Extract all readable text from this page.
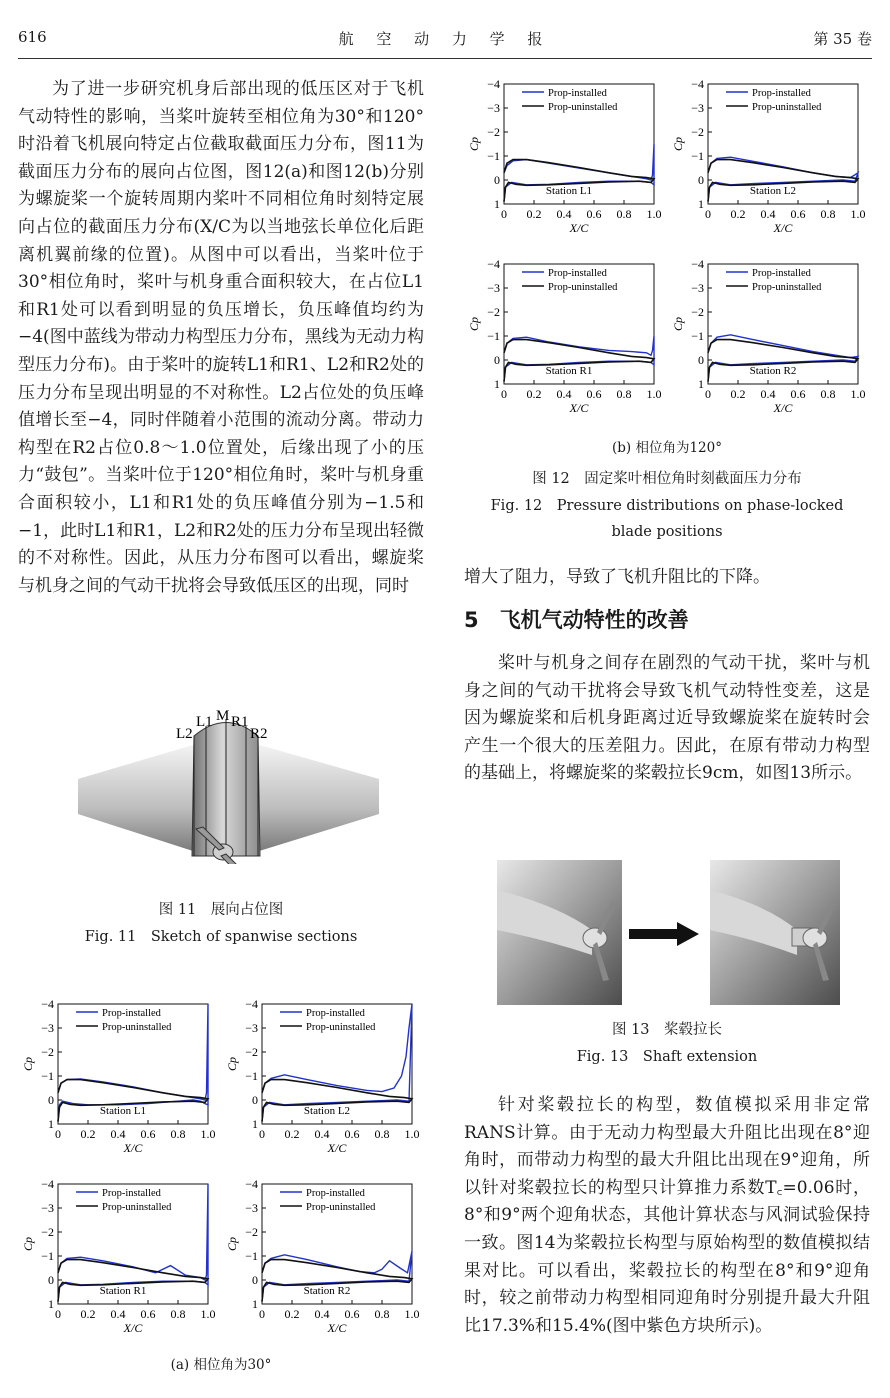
616	航 空 动 力 学 报	第 35 卷

为了进一步研究机身后部出现的低压区对于飞机气动特性的影响，当桨叶旋转至相位角为30°和120°时沿着飞机展向特定占位截取截面压力分布，图11为截面压力分布的展向占位图，图12(a)和图12(b)分别为螺旋桨一个旋转周期内桨叶不同相位角时刻特定展向占位的截面压力分布(X/C为以当地弦长单位化后距离机翼前缘的位置)。从图中可以看出，当桨叶位于30°相位角时，桨叶与机身重合面积较大，在占位L1和R1处可以看到明显的负压增长，负压峰值均约为−4(图中蓝线为带动力构型压力分布，黑线为无动力构型压力分布)。由于桨叶的旋转L1和R1、L2和R2处的压力分布呈现出明显的不对称性。L2占位处的负压峰值增长至−4，同时伴随着小范围的流动分离。带动力构型在R2占位0.8～1.0位置处，后缘出现了小的压力“鼓包”。当桨叶位于120°相位角时，桨叶与机身重合面积较小，L1和R1处的负压峰值分别为−1.5和−1，此时L1和R1，L2和R2处的压力分布呈现出轻微的不对称性。因此，从压力分布图可以看出，螺旋桨与机身之间的气动干扰将会导致低压区的出现，同时

L2
L1 M R1
R2
图 11　展向占位图
Fig. 11　Sketch of spanwise sections
−4
−3
−2
−1
0
1
0 0.2 0.4 0.6 0.8 1.0
X/C
Cp
Station L1
Prop-installed
Prop-uninstalled
−4
−3
−2
−1
0
1
0 0.2 0.4 0.6 0.8 1.0
X/C
Cp
Station L2
Prop-installed
Prop-uninstalled
−4
−3
−2
−1
0
1
0 0.2 0.4 0.6 0.8 1.0
X/C
Cp
Station R1
Prop-installed
Prop-uninstalled
−4
−3
−2
−1
0
1
0 0.2 0.4 0.6 0.8 1.0
X/C
Cp
Station R2
Prop-installed
Prop-uninstalled
(a) 相位角为30°
−4
−3
−2
−1
0
1
0 0.2 0.4 0.6 0.8 1.0
X/C
Cp
Station L1
Prop-installed
Prop-uninstalled
−4
−3
−2
−1
0
1
0 0.2 0.4 0.6 0.8 1.0
X/C
Cp
Station L2
Prop-installed
Prop-uninstalled
−4
−3
−2
−1
0
1
0 0.2 0.4 0.6 0.8 1.0
X/C
Cp
Station R1
Prop-installed
Prop-uninstalled
−4
−3
−2
−1
0
1
0 0.2 0.4 0.6 0.8 1.0
X/C
Cp
Station R2
Prop-installed
Prop-uninstalled
(b) 相位角为120°
图 12　固定桨叶相位角时刻截面压力分布
Fig. 12　Pressure distributions on phase-locked
blade positions

增大了阻力，导致了飞机升阻比的下降。

5　飞机气动特性的改善

桨叶与机身之间存在剧烈的气动干扰，桨叶与机身之间的气动干扰将会导致飞机气动特性变差，这是因为螺旋桨和后机身距离过近导致螺旋桨在旋转时会产生一个很大的压差阻力。因此，在原有带动力构型的基础上，将螺旋桨的桨毂拉长9cm，如图13所示。

图 13　桨毂拉长
Fig. 13　Shaft extension

针对桨毂拉长的构型，数值模拟采用非定常RANS计算。由于无动力构型最大升阻比出现在8°迎角时，而带动力构型的最大升阻比出现在9°迎角，所以针对桨毂拉长的构型只计算推力系数T꜀=0.06时，8°和9°两个迎角状态，其他计算状态与风洞试验保持一致。图14为桨毂拉长构型与原始构型的数值模拟结果对比。可以看出，桨毂拉长的构型在8°和9°迎角时，较之前带动力构型相同迎角时分别提升最大升阻比17.3%和15.4%(图中紫色方块所示)。
